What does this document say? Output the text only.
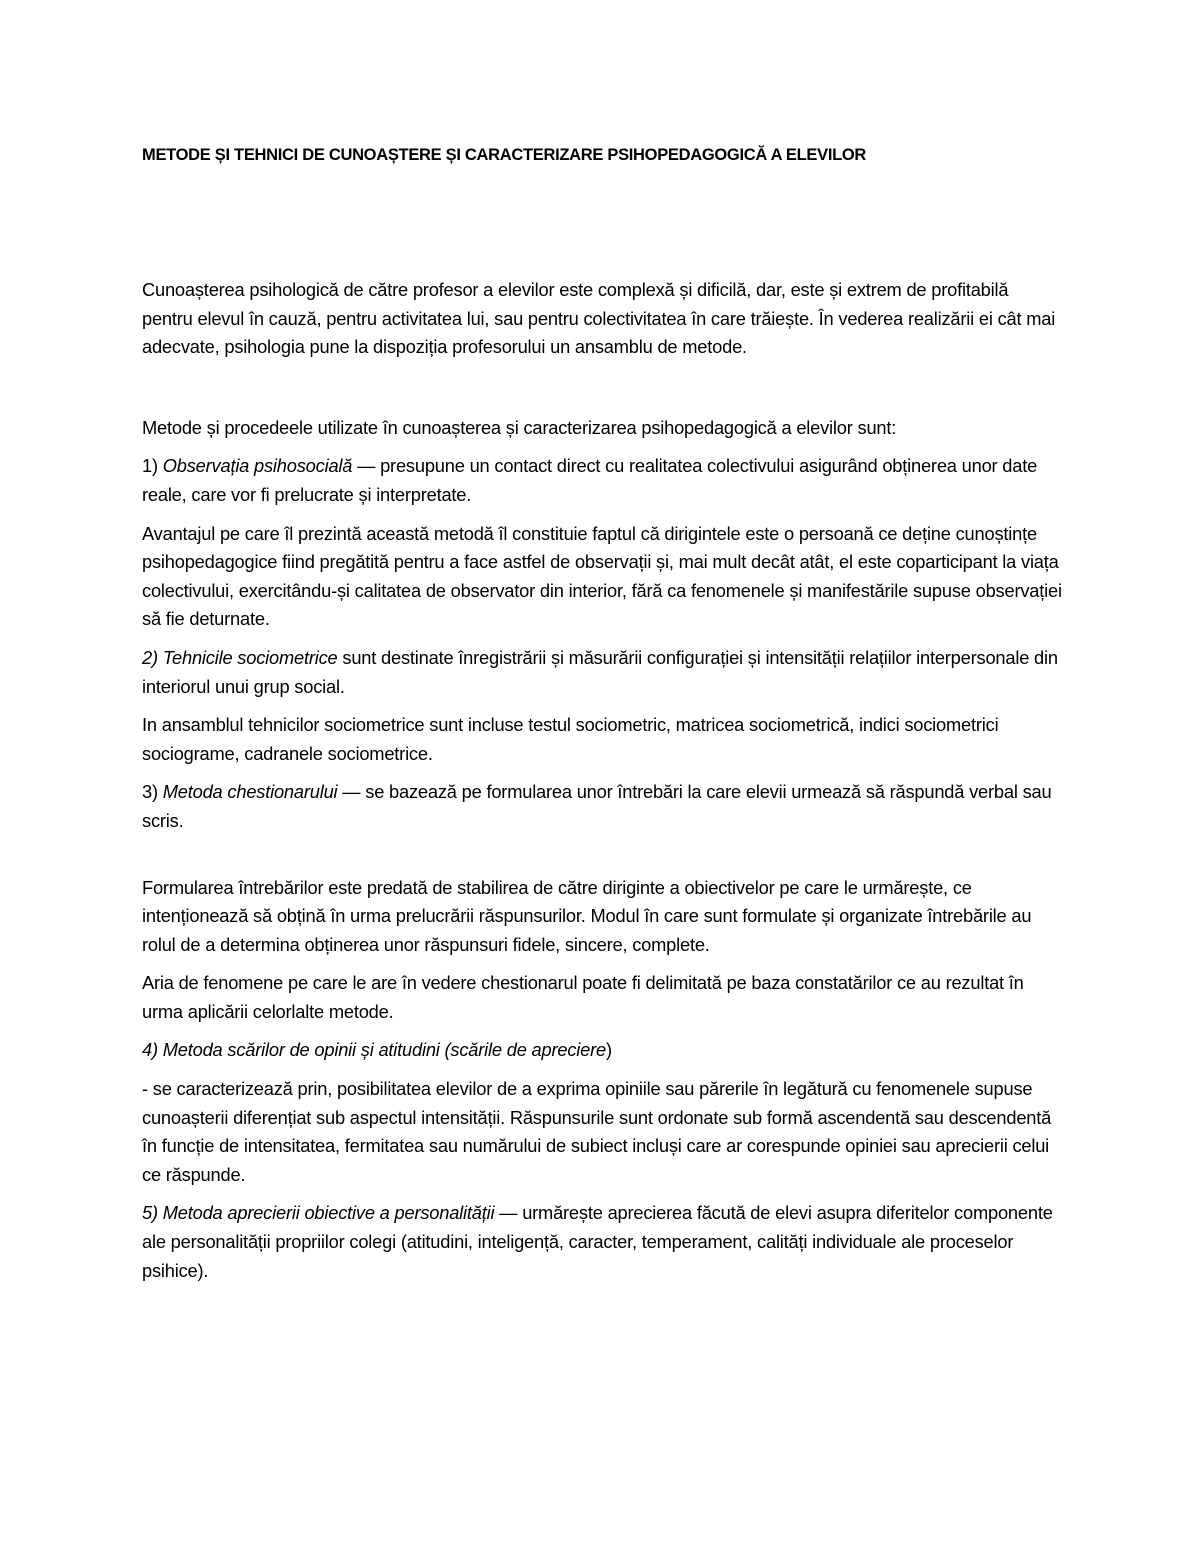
METODE ȘI TEHNICI DE CUNOAȘTERE ȘI CARACTERIZARE PSIHOPEDAGOGICĂ A ELEVILOR

Cunoașterea psihologică de către profesor a elevilor este complexă și dificilă, dar, este și extrem de profitabilă pentru elevul în cauză, pentru activitatea lui, sau pentru colectivitatea în care trăiește. În vederea realizării ei cât mai adecvate, psihologia pune la dispoziția profesorului un ansamblu de metode.

Metode și procedeele utilizate în cunoașterea și caracterizarea psihopedagogică a elevilor sunt:

1) Observația psihosocială — presupune un contact direct cu realitatea colectivului asigurând obținerea unor date reale, care vor fi prelucrate și interpretate.

Avantajul pe care îl prezintă această metodă îl constituie faptul că dirigintele este o persoană ce deține cunoștințe psihopedagogice fiind pregătită pentru a face astfel de observații și, mai mult decât atât, el este coparticipant la viața colectivului, exercitându-și calitatea de observator din interior, fără ca fenomenele și manifestările supuse observației să fie deturnate.

2) Tehnicile sociometrice sunt destinate înregistrării și măsurării configurației și intensității relațiilor interpersonale din interiorul unui grup social.

In ansamblul tehnicilor sociometrice sunt incluse testul sociometric, matricea sociometrică, indici sociometrici sociograme, cadranele sociometrice.

3) Metoda chestionarului — se bazează pe formularea unor întrebări la care elevii urmează să răspundă verbal sau scris.

Formularea întrebărilor este predată de stabilirea de către diriginte a obiectivelor pe care le urmărește, ce intenționează să obțină în urma prelucrării răspunsurilor. Modul în care sunt formulate și organizate întrebările au rolul de a determina obținerea unor răspunsuri fidele, sincere, complete.

Aria de fenomene pe care le are în vedere chestionarul poate fi delimitată pe baza constatărilor ce au rezultat în urma aplicării celorlalte metode.

4) Metoda scărilor de opinii și atitudini (scările de apreciere)

- se caracterizează prin, posibilitatea elevilor de a exprima opiniile sau părerile în legătură cu fenomenele supuse cunoașterii diferențiat sub aspectul intensității. Răspunsurile sunt ordonate sub formă ascendentă sau descendentă în funcție de intensitatea, fermitatea sau numărului de subiect incluși care ar corespunde opiniei sau aprecierii celui ce răspunde.

5) Metoda aprecierii obiective a personalității — urmărește aprecierea făcută de elevi asupra diferitelor componente ale personalității propriilor colegi (atitudini, inteligență, caracter, temperament, calități individuale ale proceselor psihice).
